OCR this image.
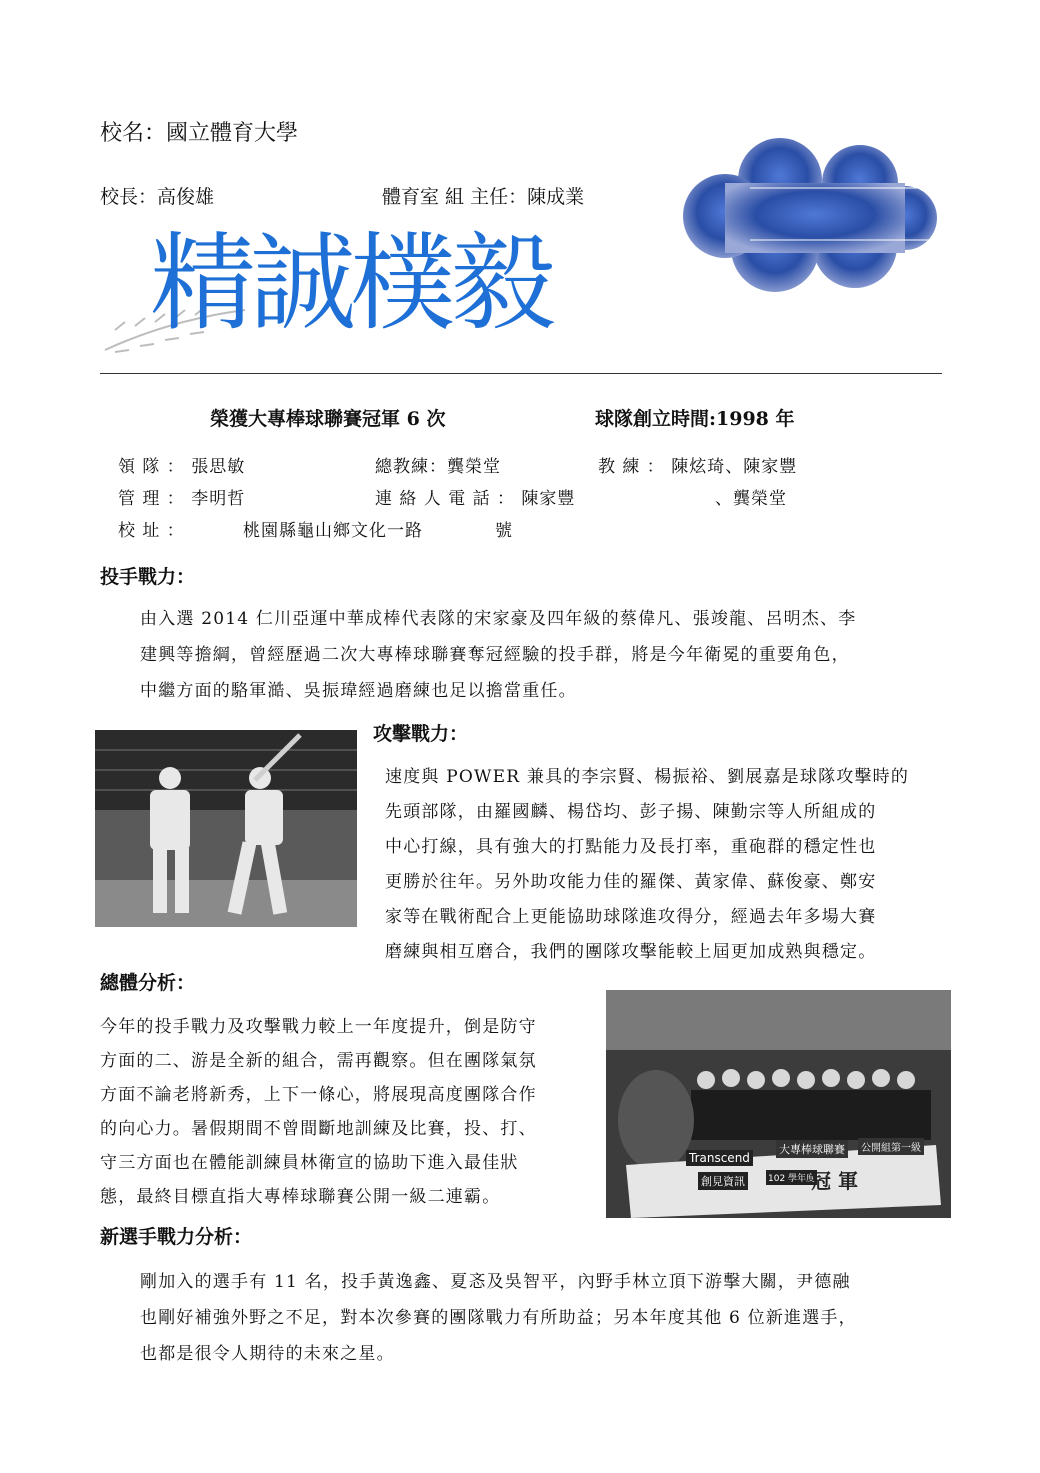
校名：國立體育大學
校長：高俊雄	體育室 組 主任：陳成業
精誠樸毅
榮獲大專棒球聯賽冠軍 6 次	球隊創立時間:1998 年
領 隊 ： 張思敏	總教練：龔榮堂	教 練 ： 陳炫琦、陳家豐
管 理 ： 李明哲	連 絡 人 電 話 ： 陳家豐	、龔榮堂
校 址 ：	桃園縣龜山鄉文化一路	號
投手戰力：
由入選 2014 仁川亞運中華成棒代表隊的宋家豪及四年級的蔡偉凡、張竣龍、呂明杰、李
建興等擔綱，曾經歷過二次大專棒球聯賽奪冠經驗的投手群，將是今年衛冕的重要角色，
中繼方面的駱軍澔、吳振瑋經過磨練也足以擔當重任。
攻擊戰力：
速度與 POWER 兼具的李宗賢、楊振裕、劉展嘉是球隊攻擊時的
先頭部隊，由羅國麟、楊岱均、彭子揚、陳勤宗等人所組成的
中心打線，具有強大的打點能力及長打率，重砲群的穩定性也
更勝於往年。另外助攻能力佳的羅傑、黃家偉、蘇俊豪、鄭安
家等在戰術配合上更能協助球隊進攻得分，經過去年多場大賽
磨練與相互磨合，我們的團隊攻擊能較上屆更加成熟與穩定。
總體分析：
今年的投手戰力及攻擊戰力較上一年度提升，倒是防守
方面的二、游是全新的組合，需再觀察。但在團隊氣氛
方面不論老將新秀，上下一條心，將展現高度團隊合作
的向心力。暑假期間不曾間斷地訓練及比賽，投、打、
守三方面也在體能訓練員林衛宣的協助下進入最佳狀
態，最終目標直指大專棒球聯賽公開一級二連霸。
Transcend
創見資訊
大專棒球聯賽
102 學年度
冠 軍
公開組第一級
新選手戰力分析：
剛加入的選手有 11 名，投手黃逸鑫、夏忞及吳智平，內野手林立頂下游擊大關，尹德融
也剛好補強外野之不足，對本次參賽的團隊戰力有所助益；另本年度其他 6 位新進選手，
也都是很令人期待的未來之星。
